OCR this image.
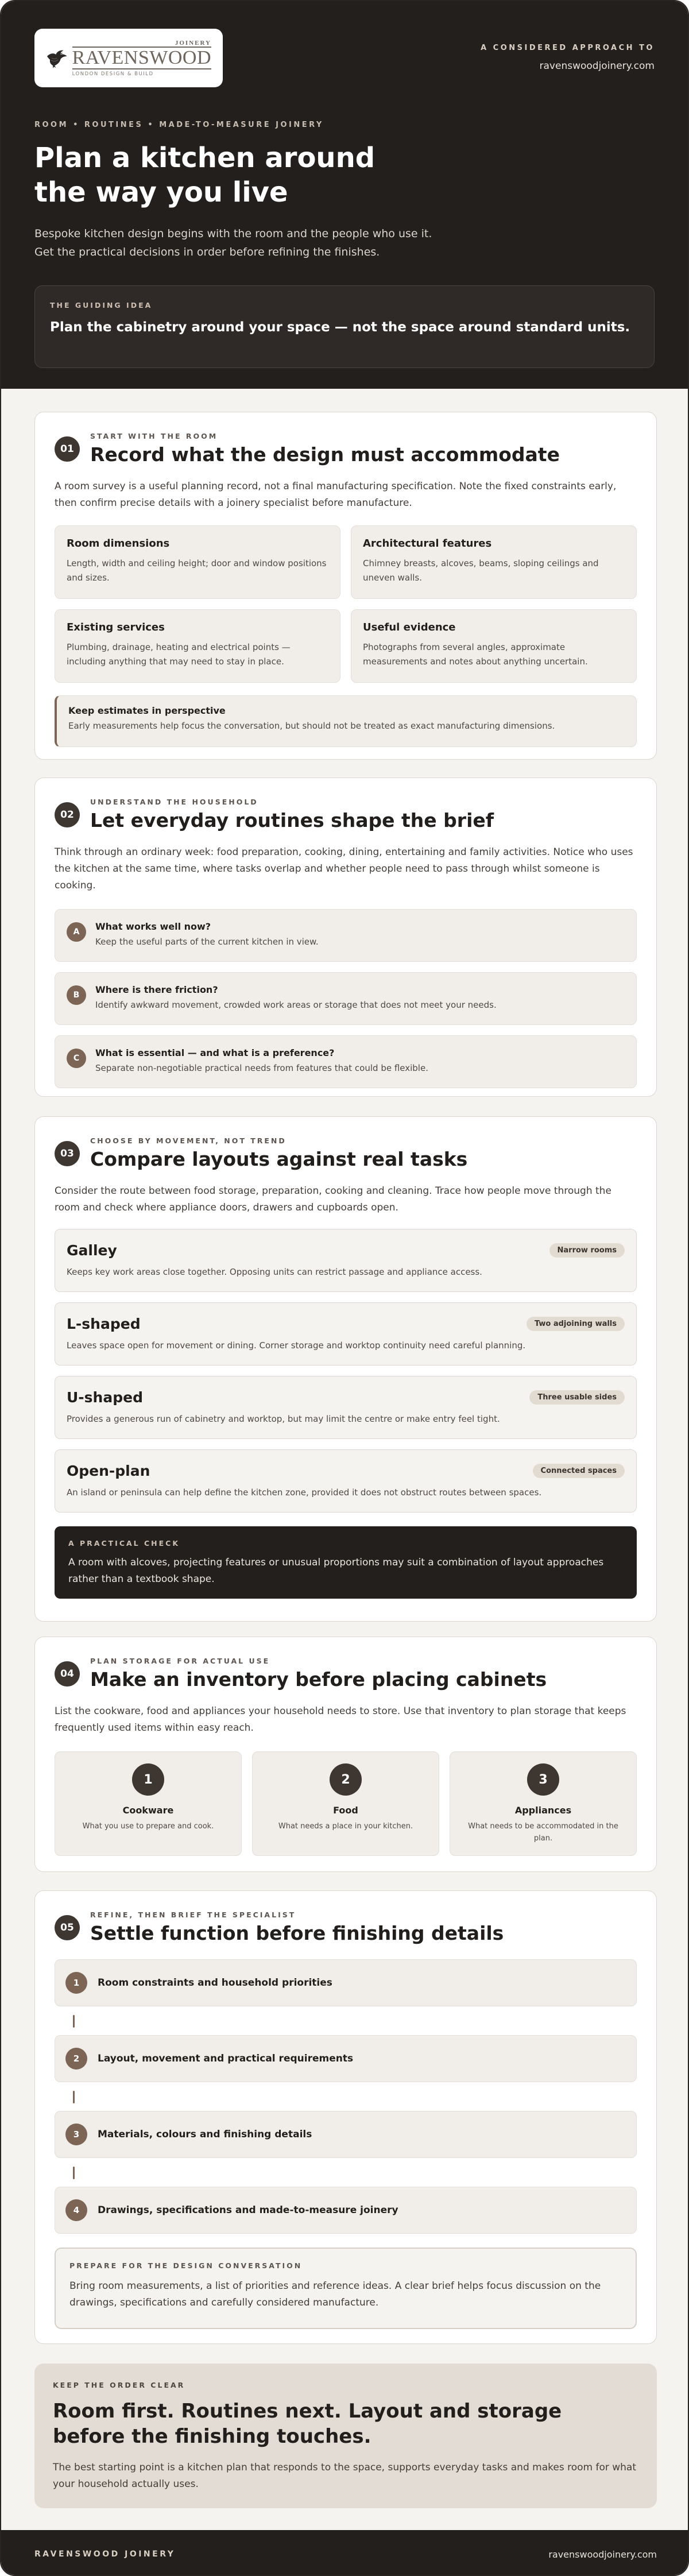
JOINERY
RAVENSWOOD
LONDON DESIGN & BUILD
A CONSIDERED APPROACH TO
ravenswoodjoinery.com
ROOM • ROUTINES • MADE-TO-MEASURE JOINERY
Plan a kitchen around the way you live

Bespoke kitchen design begins with the room and the people who use it.
Get the practical decisions in order before refining the finishes.

THE GUIDING IDEA
Plan the cabinetry around your space — not the space around standard units.
01
START WITH THE ROOM
Record what the design must accommodate

A room survey is a useful planning record, not a final manufacturing specification. Note the fixed constraints early, then confirm precise details with a joinery specialist before manufacture.

Room dimensions
Length, width and ceiling height; door and window positions and sizes.
Architectural features
Chimney breasts, alcoves, beams, sloping ceilings and uneven walls.
Existing services
Plumbing, drainage, heating and electrical points — including anything that may need to stay in place.
Useful evidence
Photographs from several angles, approximate measurements and notes about anything uncertain.
Keep estimates in perspective
Early measurements help focus the conversation, but should not be treated as exact manufacturing dimensions.
02
UNDERSTAND THE HOUSEHOLD
Let everyday routines shape the brief

Think through an ordinary week: food preparation, cooking, dining, entertaining and family activities. Notice who uses the kitchen at the same time, where tasks overlap and whether people need to pass through whilst someone is cooking.

A	What works well now?
Keep the useful parts of the current kitchen in view.
B	Where is there friction?
Identify awkward movement, crowded work areas or storage that does not meet your needs.
C	What is essential — and what is a preference?
Separate non-negotiable practical needs from features that could be flexible.
03
CHOOSE BY MOVEMENT, NOT TREND
Compare layouts against real tasks

Consider the route between food storage, preparation, cooking and cleaning. Trace how people move through the room and check where appliance doors, drawers and cupboards open.

Galley	Narrow rooms
Keeps key work areas close together. Opposing units can restrict passage and appliance access.
L-shaped	Two adjoining walls
Leaves space open for movement or dining. Corner storage and worktop continuity need careful planning.
U-shaped	Three usable sides
Provides a generous run of cabinetry and worktop, but may limit the centre or make entry feel tight.
Open-plan	Connected spaces
An island or peninsula can help define the kitchen zone, provided it does not obstruct routes between spaces.
A PRACTICAL CHECK
A room with alcoves, projecting features or unusual proportions may suit a combination of layout approaches rather than a textbook shape.
04
PLAN STORAGE FOR ACTUAL USE
Make an inventory before placing cabinets

List the cookware, food and appliances your household needs to store. Use that inventory to plan storage that keeps frequently used items within easy reach.

1
Cookware
What you use to prepare and cook.
2
Food
What needs a place in your kitchen.
3
Appliances
What needs to be accommodated in the plan.
05
REFINE, THEN BRIEF THE SPECIALIST
Settle function before finishing details
1	Room constraints and household priorities
2	Layout, movement and practical requirements
3	Materials, colours and finishing details
4	Drawings, specifications and made-to-measure joinery
PREPARE FOR THE DESIGN CONVERSATION
Bring room measurements, a list of priorities and reference ideas. A clear brief helps focus discussion on the drawings, specifications and carefully considered manufacture.
KEEP THE ORDER CLEAR
Room first. Routines next. Layout and storage before the finishing touches.

The best starting point is a kitchen plan that responds to the space, supports everyday tasks and makes room for what your household actually uses.

RAVENSWOOD JOINERY	ravenswoodjoinery.com
